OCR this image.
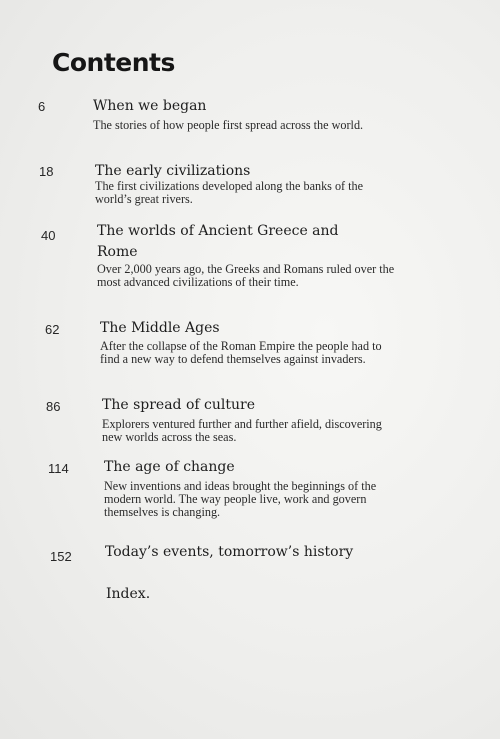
Contents
6	When we began
The stories of how people first spread across the world.
18	The early civilizations
The first civilizations developed along the banks of the world’s great rivers.
40	The worlds of Ancient Greece and Rome
Over 2,000 years ago, the Greeks and Romans ruled over the most advanced civilizations of their time.
62	The Middle Ages
After the collapse of the Roman Empire the people had to find a new way to defend themselves against invaders.
86	The spread of culture
Explorers ventured further and further afield, discovering new worlds across the seas.
114	The age of change
New inventions and ideas brought the beginnings of the modern world. The way people live, work and govern themselves is changing.
152 Today’s events, tomorrow’s history
Index.
